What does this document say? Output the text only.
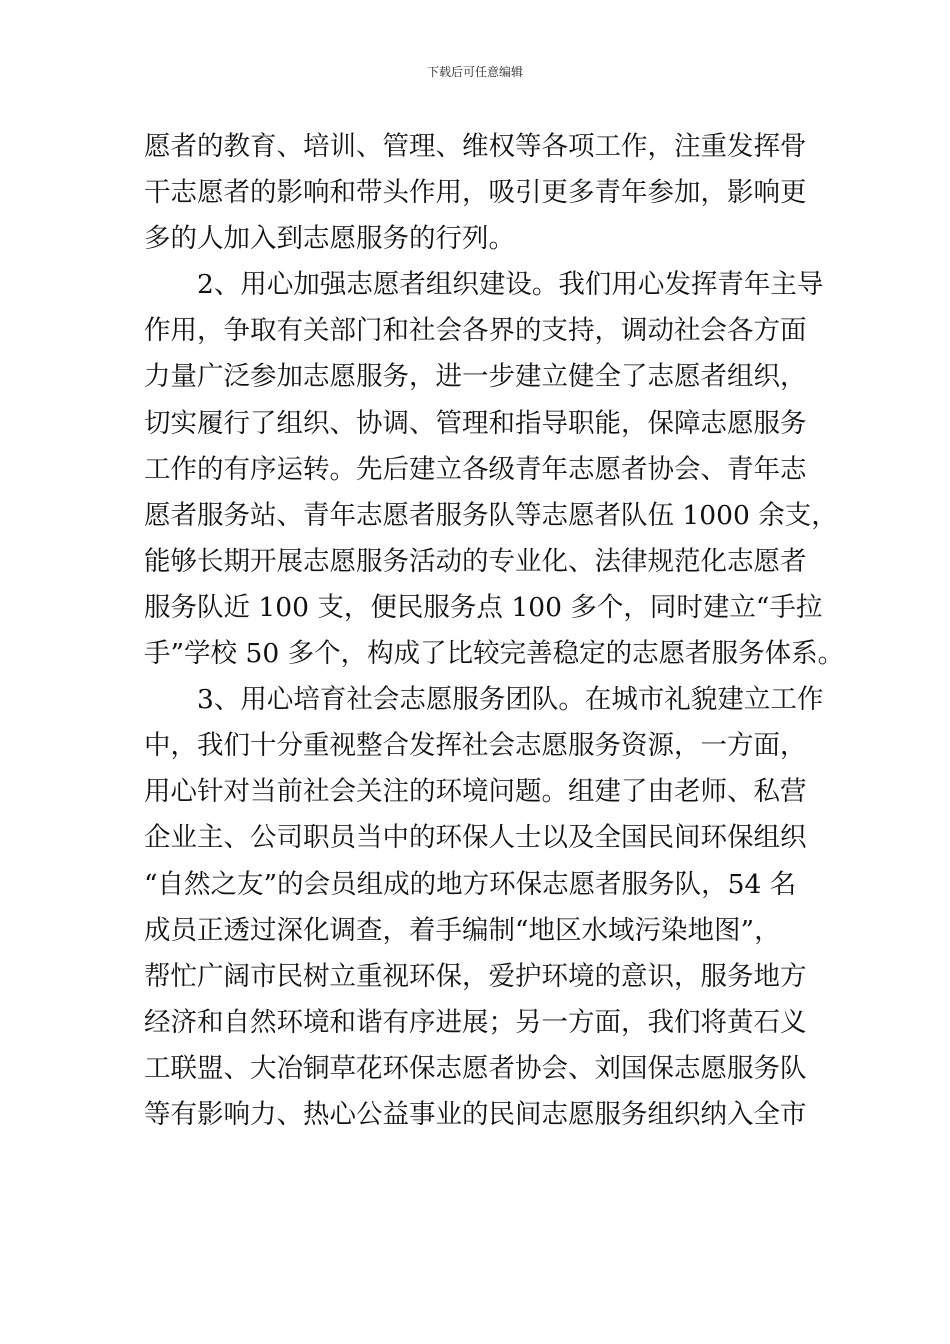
下载后可任意编辑
愿者的教育、培训、管理、维权等各项工作，注重发挥骨
干志愿者的影响和带头作用，吸引更多青年参加，影响更
多的人加入到志愿服务的行列。
2、用心加强志愿者组织建设。我们用心发挥青年主导
作用，争取有关部门和社会各界的支持，调动社会各方面
力量广泛参加志愿服务，进一步建立健全了志愿者组织，
切实履行了组织、协调、管理和指导职能，保障志愿服务
工作的有序运转。先后建立各级青年志愿者协会、青年志
愿者服务站、青年志愿者服务队等志愿者队伍 1000 余支，
能够长期开展志愿服务活动的专业化、法律规范化志愿者
服务队近 100 支，便民服务点 100 多个，同时建立“手拉
手”学校 50 多个，构成了比较完善稳定的志愿者服务体系。
3、用心培育社会志愿服务团队。在城市礼貌建立工作
中，我们十分重视整合发挥社会志愿服务资源，一方面，
用心针对当前社会关注的环境问题。组建了由老师、私营
企业主、公司职员当中的环保人士以及全国民间环保组织
“自然之友”的会员组成的地方环保志愿者服务队，54 名
成员正透过深化调查，着手编制“地区水域污染地图”，
帮忙广阔市民树立重视环保，爱护环境的意识，服务地方
经济和自然环境和谐有序进展；另一方面，我们将黄石义
工联盟、大冶铜草花环保志愿者协会、刘国保志愿服务队
等有影响力、热心公益事业的民间志愿服务组织纳入全市
